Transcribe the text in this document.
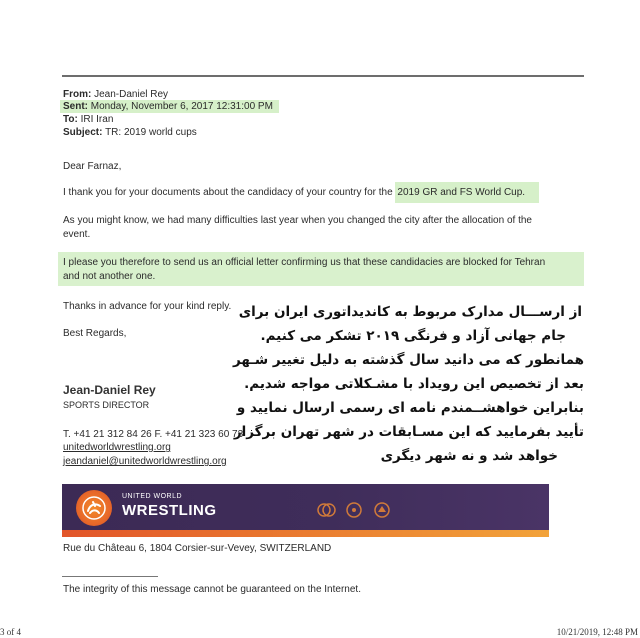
From: Jean-Daniel Rey
Sent: Monday, November 6, 2017 12:31:00 PM
To: IRI Iran
Subject: TR: 2019 world cups
Dear Farnaz,
I thank you for your documents about the candidacy of your country for the 2019 GR and FS World Cup.
As you might know, we had many difficulties last year when you changed the city after the allocation of the
event.
I please you therefore to send us an official letter confirming us that these candidacies are blocked for Tehran
and not another one.
Thanks in advance for your kind reply.
Best Regards,
از ارســـال مدارک مربوط به کاندیداتوری ایران برای
جام جهانی آزاد و فرنگی ۲۰۱۹ تشکر می کنیم.
همانطور که می دانید سال گذشته به دلیل تغییر شـهر
بعد از تخصیص این رویداد با مشـکلاتی مواجه شدیم.
بنابراین خواهشــمندم نامه ای رسمی ارسال نمایید و
تأیید بفرمایید که این مسـابقات در شهر تهران برگزار
خواهد شد و نه شهر دیگری
Jean-Daniel Rey
SPORTS DIRECTOR
T. +41 21 312 84 26 F. +41 21 323 60 73
unitedworldwrestling.org
jeandaniel@unitedworldwrestling.org
UNITED WORLD
WRESTLING
Rue du Château 6, 1804 Corsier-sur-Vevey, SWITZERLAND
The integrity of this message cannot be guaranteed on the Internet.
3 of 4	10/21/2019, 12:48 PM
